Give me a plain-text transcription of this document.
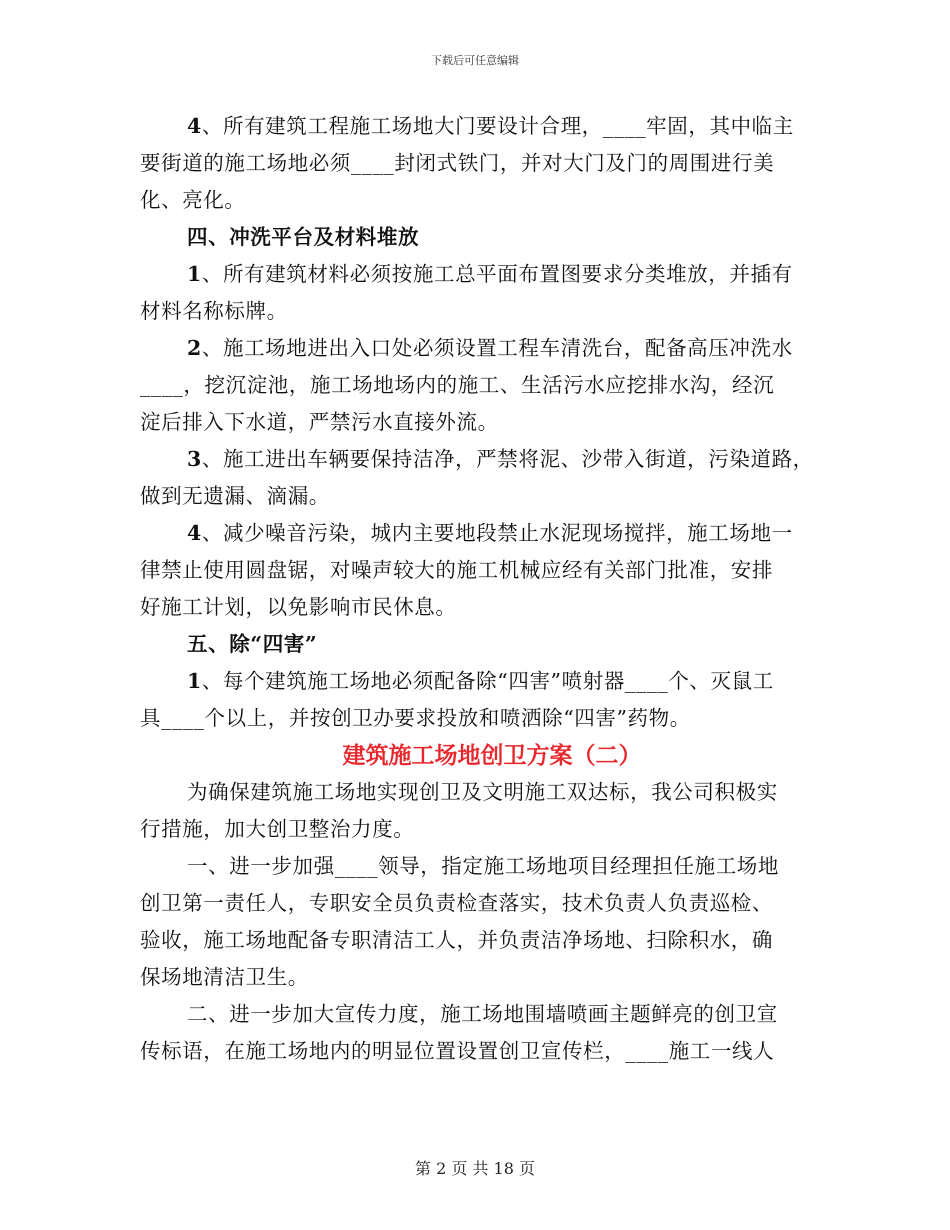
下载后可任意编辑
4、所有建筑工程施工场地大门要设计合理，____牢固，其中临主
要街道的施工场地必须____封闭式铁门，并对大门及门的周围进行美
化、亮化。
四、冲洗平台及材料堆放
1、所有建筑材料必须按施工总平面布置图要求分类堆放，并插有
材料名称标牌。
2、施工场地进出入口处必须设置工程车清洗台，配备高压冲洗水
____，挖沉淀池，施工场地场内的施工、生活污水应挖排水沟，经沉
淀后排入下水道，严禁污水直接外流。
3、施工进出车辆要保持洁净，严禁将泥、沙带入街道，污染道路，
做到无遗漏、滴漏。
4、减少噪音污染，城内主要地段禁止水泥现场搅拌，施工场地一
律禁止使用圆盘锯，对噪声较大的施工机械应经有关部门批准，安排
好施工计划，以免影响市民休息。
五、除“四害”
1、每个建筑施工场地必须配备除“四害”喷射器____个、灭鼠工
具____个以上，并按创卫办要求投放和喷洒除“四害”药物。
建筑施工场地创卫方案（二）
为确保建筑施工场地实现创卫及文明施工双达标，我公司积极实
行措施，加大创卫整治力度。
一、进一步加强____领导，指定施工场地项目经理担任施工场地
创卫第一责任人，专职安全员负责检查落实，技术负责人负责巡检、
验收，施工场地配备专职清洁工人，并负责洁净场地、扫除积水，确
保场地清洁卫生。
二、进一步加大宣传力度，施工场地围墙喷画主题鲜亮的创卫宣
传标语，在施工场地内的明显位置设置创卫宣传栏，____施工一线人
第 2 页 共 18 页
